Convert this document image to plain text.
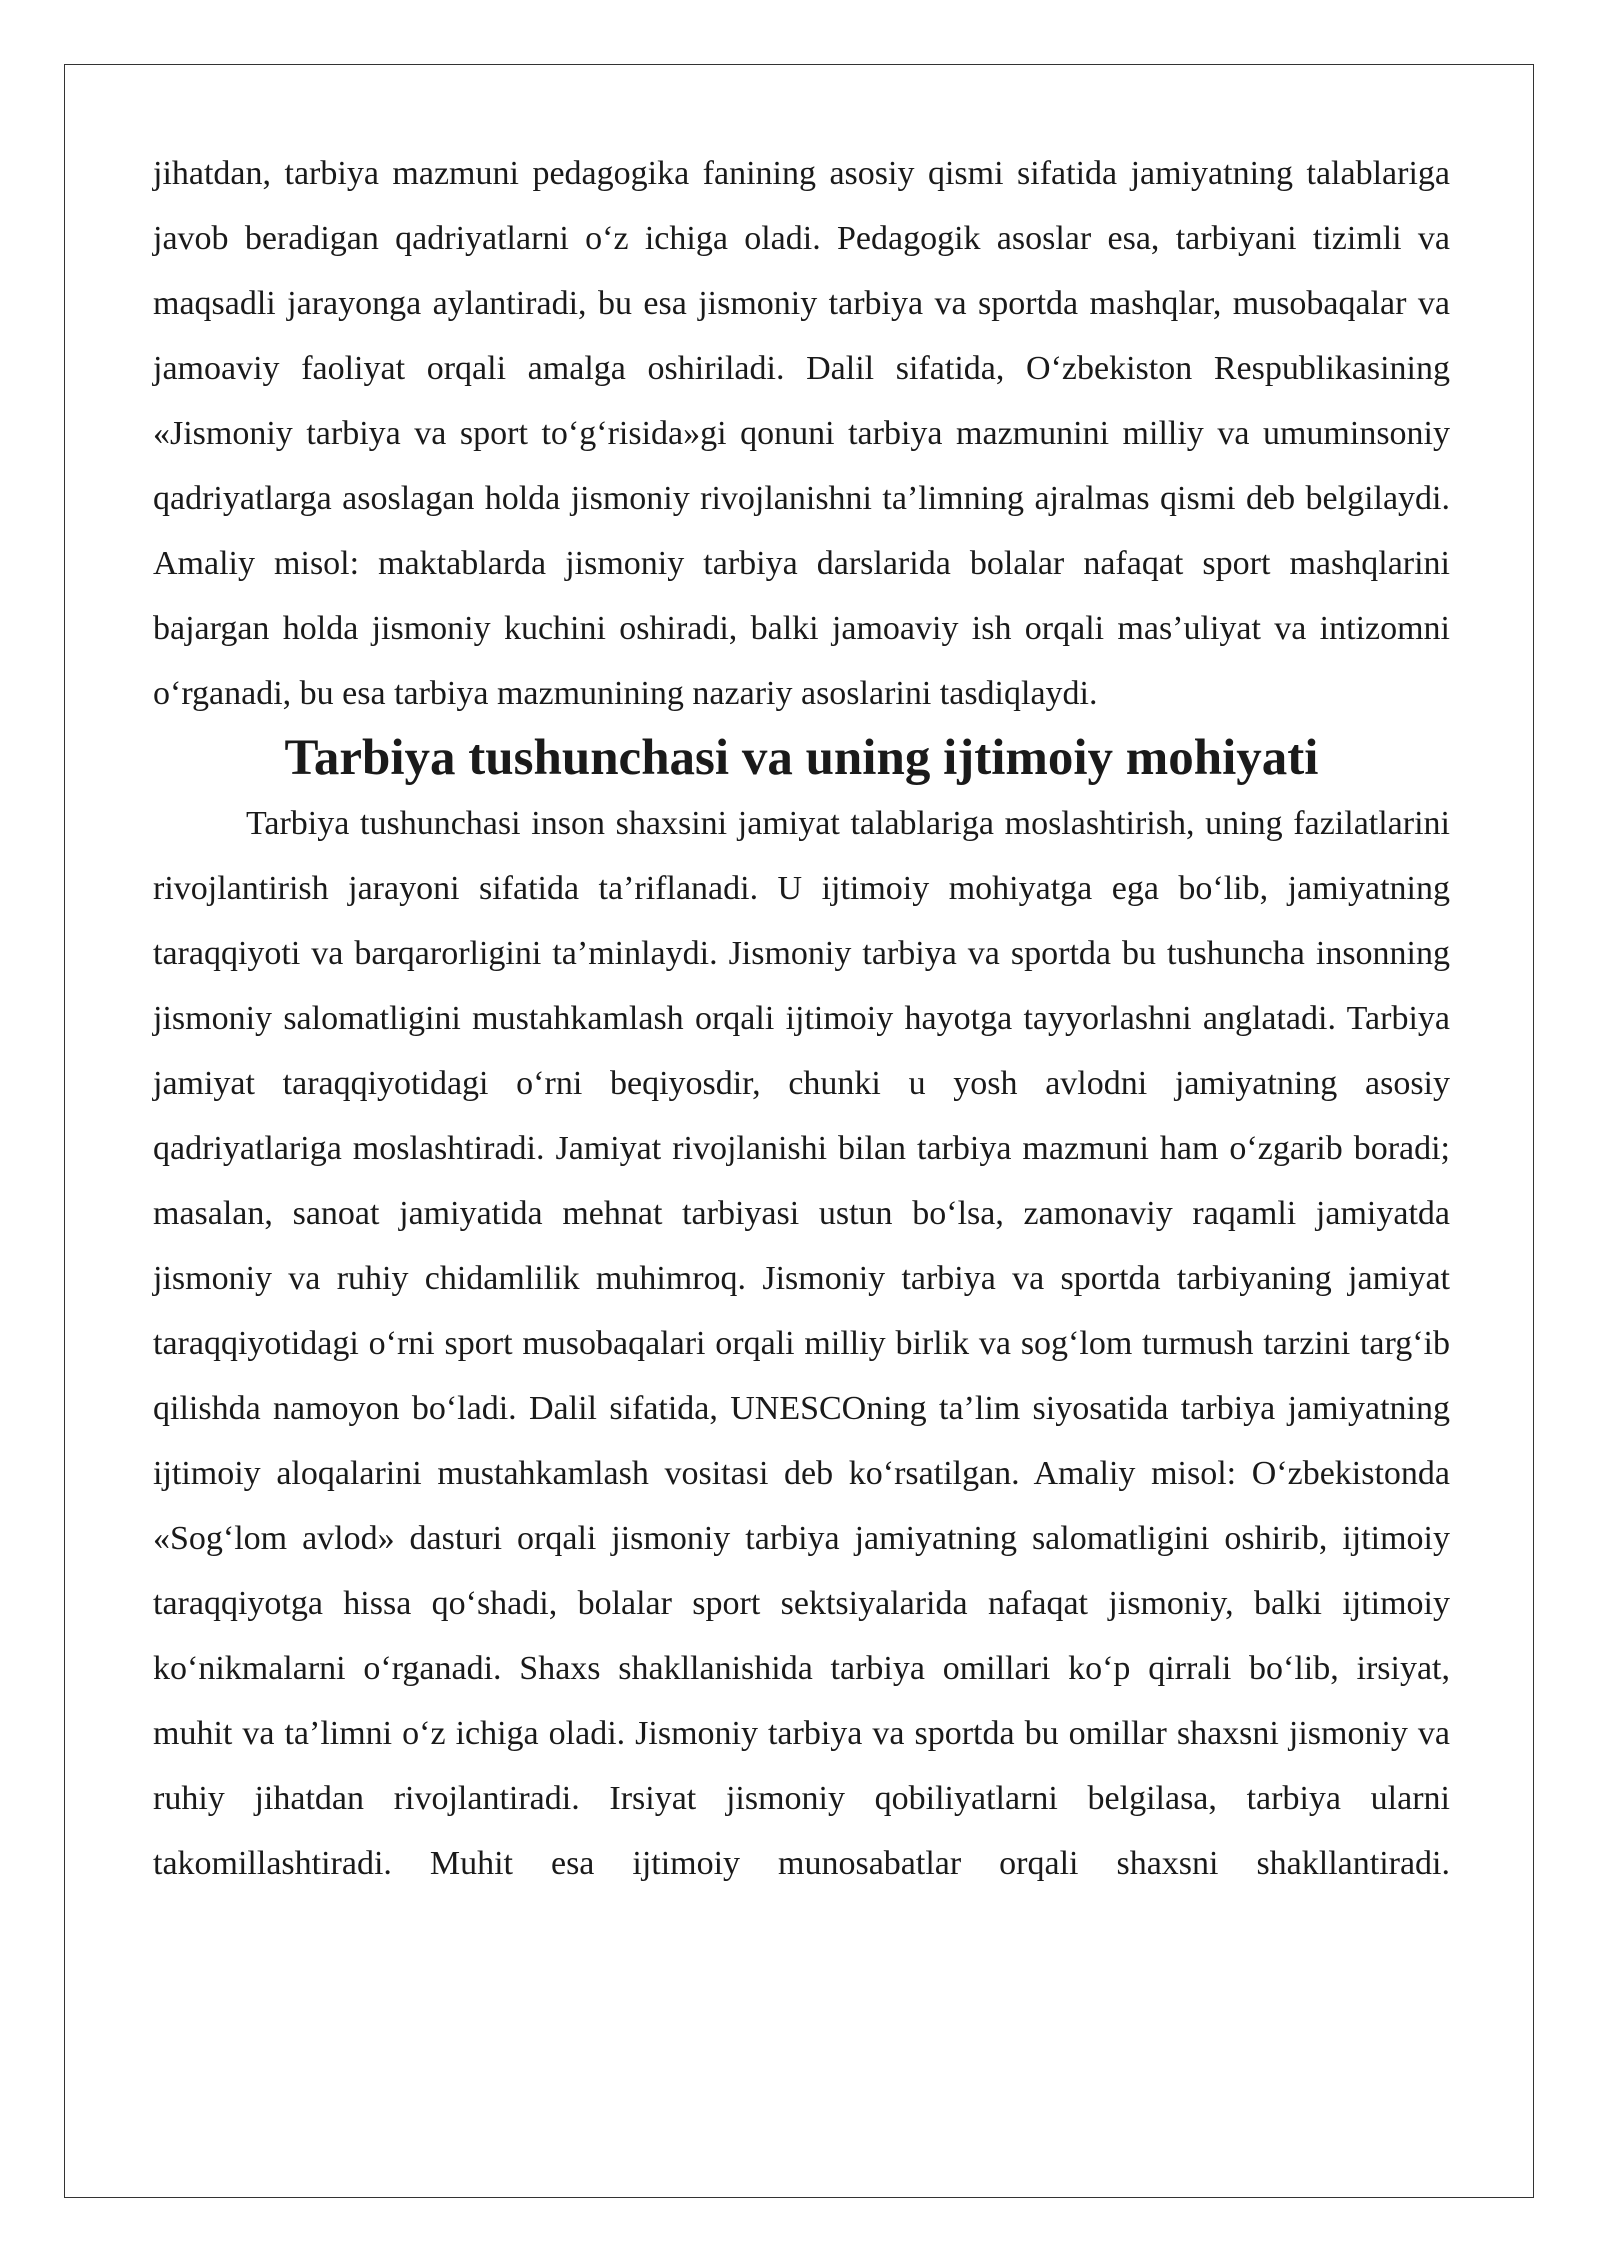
jihatdan, tarbiya mazmuni pedagogika fanining asosiy qismi sifatida jamiyatning talablariga javob beradigan qadriyatlarni o‘z ichiga oladi. Pedagogik asoslar esa, tarbiyani tizimli va maqsadli jarayonga aylantiradi, bu esa jismoniy tarbiya va sportda mashqlar, musobaqalar va jamoaviy faoliyat orqali amalga oshiriladi. Dalil sifatida, O‘zbekiston Respublikasining «Jismoniy tarbiya va sport to‘g‘risida»gi qonuni tarbiya mazmunini milliy va umuminsoniy qadriyatlarga asoslagan holda jismoniy rivojlanishni ta’limning ajralmas qismi deb belgilaydi. Amaliy misol: maktablarda jismoniy tarbiya darslarida bolalar nafaqat sport mashqlarini bajargan holda jismoniy kuchini oshiradi, balki jamoaviy ish orqali mas’uliyat va intizomni o‘rganadi, bu esa tarbiya mazmunining nazariy asoslarini tasdiqlaydi.

Tarbiya tushunchasi va uning ijtimoiy mohiyati

Tarbiya tushunchasi inson shaxsini jamiyat talablariga moslashtirish, uning fazilatlarini rivojlantirish jarayoni sifatida ta’riflanadi. U ijtimoiy mohiyatga ega bo‘lib, jamiyatning taraqqiyoti va barqarorligini ta’minlaydi. Jismoniy tarbiya va sportda bu tushuncha insonning jismoniy salomatligini mustahkamlash orqali ijtimoiy hayotga tayyorlashni anglatadi. Tarbiya jamiyat taraqqiyotidagi o‘rni beqiyosdir, chunki u yosh avlodni jamiyatning asosiy qadriyatlariga moslashtiradi. Jamiyat rivojlanishi bilan tarbiya mazmuni ham o‘zgarib boradi; masalan, sanoat jamiyatida mehnat tarbiyasi ustun bo‘lsa, zamonaviy raqamli jamiyatda jismoniy va ruhiy chidamlilik muhimroq. Jismoniy tarbiya va sportda tarbiyaning jamiyat taraqqiyotidagi o‘rni sport musobaqalari orqali milliy birlik va sog‘lom turmush tarzini targ‘ib qilishda namoyon bo‘ladi. Dalil sifatida, UNESCOning ta’lim siyosatida tarbiya jamiyatning ijtimoiy aloqalarini mustahkamlash vositasi deb ko‘rsatilgan. Amaliy misol: O‘zbekistonda «Sog‘lom avlod» dasturi orqali jismoniy tarbiya jamiyatning salomatligini oshirib, ijtimoiy taraqqiyotga hissa qo‘shadi, bolalar sport sektsiyalarida nafaqat jismoniy, balki ijtimoiy ko‘nikmalarni o‘rganadi. Shaxs shakllanishida tarbiya omillari ko‘p qirrali bo‘lib, irsiyat, muhit va ta’limni o‘z ichiga oladi. Jismoniy tarbiya va sportda bu omillar shaxsni jismoniy va ruhiy jihatdan rivojlantiradi. Irsiyat jismoniy qobiliyatlarni belgilasa, tarbiya ularni takomillashtiradi. Muhit esa ijtimoiy munosabatlar orqali shaxsni shakllantiradi.
